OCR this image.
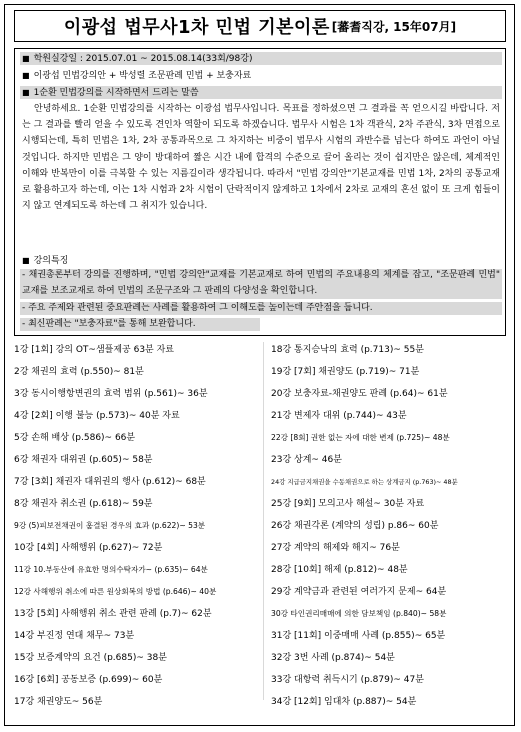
이광섭 법무사1차 민법 기본이론 [蕃耆직강, 15年07月]
■ 학원실강일 : 2015.07.01 ~ 2015.08.14(33회/98강)
■ 이광섭 민법강의안 + 박성렬 조문판례 민법 + 보충자료
■ 1순환 민법강의를 시작하면서 드리는 말씀
안녕하세요. 1순환 민법강의를 시작하는 이광섭 법무사입니다. 목표를 정하셨으면 그 결과를 꼭 얻으시길 바랍니다. 저는 그 결과를 빨리 얻을 수 있도록 견인차 역할이 되도록 하겠습니다. 법무사 시험은 1차 객관식, 2차 주관식, 3차 면접으로 시행되는데, 특히 민법은 1차, 2차 공통과목으로 그 차지하는 비중이 법무사 시험의 과반수를 넘는다 하여도 과언이 아닐 것입니다. 하지만 민법은 그 양이 방대하여 짧은 시간 내에 합격의 수준으로 끌어 올리는 것이 쉽지만은 않은데, 체계적인 이해와 반복만이 이를 극복할 수 있는 지름길이라 생각됩니다. 따라서 "민법 강의안"기본교재를 민법 1차, 2차의 공통교재로 활용하고자 하는데, 이는 1차 시험과 2차 시험이 단락적이지 않게하고 1차에서 2차로 교재의 혼선 없이 또 크게 힘들이지 않고 연계되도록 하는데 그 취지가 있습니다.
■ 강의특징
- 채권총론부터 강의를 진행하며, "민법 강의안"교재를 기본교재로 하여 민법의 주요내용의 체계를 잡고, "조문판례 민법" 교재를 보조교재로 하여 민법의 조문구조와 그 판례의 다양성을 확인합니다.
- 주요 주제와 관련된 중요판례는 사례를 활용하여 그 이해도를 높이는데 주안점을 둡니다.
- 최신판례는 "보충자료"를 통해 보완합니다.
1강 [1회] 강의 OT~샘플제공 63분 자료
2강 채권의 효력 (p.550)~ 81분
3강 동시이행항변권의 효력 범위 (p.561)~ 36분
4강 [2회] 이행 불능 (p.573)~ 40분 자료
5강 손해 배상 (p.586)~ 66분
6강 채권자 대위권 (p.605)~ 58분
7강 [3회] 채권자 대위권의 행사 (p.612)~ 68분
8강 채권자 취소권 (p.618)~ 59분
9강 (5)피보전채권이 훔결된 경우의 효과 (p.622)~ 53분
10강 [4회] 사해행위 (p.627)~ 72분
11강 10.부동산에 유효한 명의수탁자가~ (p.635)~ 64분
12강 사해행위 취소에 따른 원상회복의 방법 (p.646)~ 40분
13강 [5회] 사해행위 취소 관련 판례 (p.7)~ 62분
14강 부진정 연대 채무~ 73분
15강 보증계약의 요건 (p.685)~ 38분
16강 [6회] 공동보증 (p.699)~ 60분
17강 채권양도~ 56분
18강 통지승낙의 효력 (p.713)~ 55분
19강 [7회] 채권양도 (p.719)~ 71분
20강 보충자료-채권양도 판례 (p.64)~ 61분
21강 변제자 대위 (p.744)~ 43분
22강 [8회] 권한 없는 자에 대한 변제 (p.725)~ 48분
23강 상계~ 46분
24강 지급금지채권을 수동채권으로 하는 상계금지 (p.763)~ 48분
25강 [9회] 모의고사 해설~ 30분 자료
26강 채권각론 (계약의 성립) p.86~ 60분
27강 계약의 해제와 해지~ 76분
28강 [10회] 해제 (p.812)~ 48분
29강 계약금과 관련된 여러가지 문제~ 64분
30강 타인권리매매에 의한 담보책임 (p.840)~ 58분
31강 [11회] 이중매매 사례 (p.855)~ 65분
32강 3번 사례 (p.874)~ 54분
33강 대항력 취득시기 (p.879)~ 47분
34강 [12회] 임대차 (p.887)~ 54분
